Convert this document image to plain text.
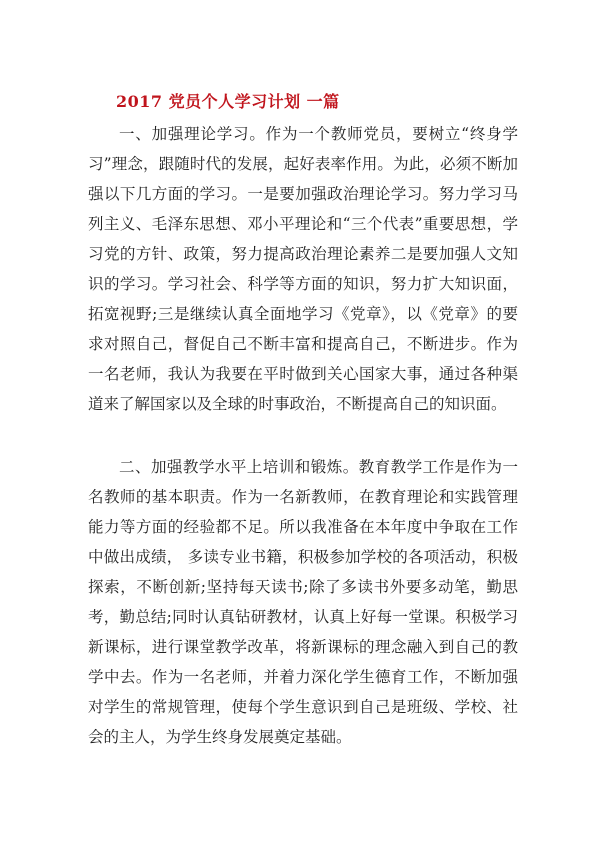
2017 党员个人学习计划 一篇

一、加强理论学习。作为一个教师党员，要树立“终身学习”理念，跟随时代的发展，起好表率作用。为此，必须不断加强以下几方面的学习。一是要加强政治理论学习。努力学习马列主义、毛泽东思想、邓小平理论和“三个代表”重要思想，学习党的方针、政策，努力提高政治理论素养二是要加强人文知识的学习。学习社会、科学等方面的知识，努力扩大知识面，拓宽视野;三是继续认真全面地学习《党章》，以《党章》的要求对照自己，督促自己不断丰富和提高自己，不断进步。作为一名老师，我认为我要在平时做到关心国家大事，通过各种渠道来了解国家以及全球的时事政治，不断提高自己的知识面。

二、加强教学水平上培训和锻炼。教育教学工作是作为一名教师的基本职责。作为一名新教师，在教育理论和实践管理能力等方面的经验都不足。所以我准备在本年度中争取在工作中做出成绩， 多读专业书籍，积极参加学校的各项活动，积极探索，不断创新;坚持每天读书;除了多读书外要多动笔，勤思考，勤总结;同时认真钻研教材，认真上好每一堂课。积极学习新课标，进行课堂教学改革，将新课标的理念融入到自己的教学中去。作为一名老师，并着力深化学生德育工作，不断加强对学生的常规管理，使每个学生意识到自己是班级、学校、社会的主人，为学生终身发展奠定基础。
